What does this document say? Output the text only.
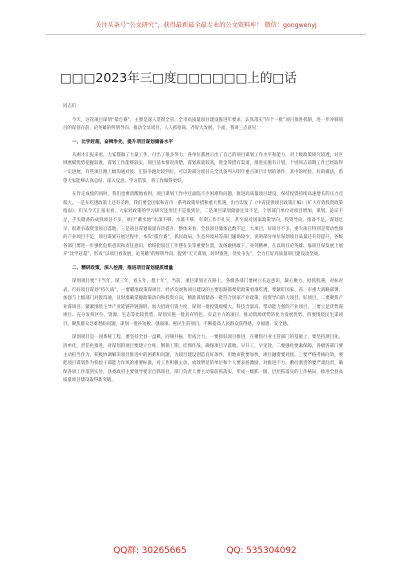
关注头条号“公文研究”，获得最新最全最专业的公文资料库！ 微信：gongwenyj
□□□2023年三□度□□□□□□上的□话

同志们：

今天，这次项目谋划“擂台赛”，主要是深入贯彻全省、全市高质量项目建设推进年要求，认真落实“四个一批”项目推进机制，进一步冲刺项目的谋划在前，论英雄的鲜明导向，推动全员项目、人人抓招商，齐促大发展。下面，我讲三点意见：

一、比学赶超，奋楫争先，提升项目谋划储备水平

从刚才汇报来看，大家都做了大量工作，付出了很多努力，各单位都展示出了自己的项目谋划工作水平和能力，对上级政策研究较透，对区域禀赋优势把握较准，谋划工作能够较实，项目基本情况清楚，谋划质量较高，资金筹措有渠道，推进实施有计划，个别同志前期工作已经取得一定进展，有些项目跑上级沟通对接、汇报争跑比较到位，可以说部分项目完全具备列入明年重点项目计划的条件，其中的经验、好的做法，希望大家能够认真总结、深入反思，学习借鉴，将工作做得更好。

在肯定成绩的同时，我们也要清醒地看到，项目谋划工作中还面临不少困难和问题，推进高质量项目建设，保持投资持续高速增长的压力还很大。一是在吃透政策上还有差距，我们要全国家和省市一系列政策举措和重大机遇，出台印发了《中省提供项目政策汇编》《扩大有效投资政策指南》，但从今天汇报来看，大家对政策的学习研究还用还不是很到位，二是项目谋划储备还显不足，个别部门单位对项目增加，谋划、论证不足，手头储备的成熟项目不多，项目“蓄水池”水深不够，水量不够，有期工作不扎实，甚至面对国家政策导向，投资导向，推备不足，谋划过早，很难争取资金项目落地，三是项目谋划质量有待提升，整体来看，全县项目储备总数不足，大项目，好项目不多，重大项目特别是带动性强的产业项目不足，项目谋划开展过程中，本次“擂台赛”，抓民政局，生态环境局等部门辅助较少，说明部分单位谋划项目质量还有待提升，各级各部门要进一步强化危机意识和责任意识，始终把项目工作摆在头等重要位置，发扬敢拼敢干、亮剑精神，在以项目论英雄、靠项目谋发展上展开“比学赶超”，形成“以项目看发展，论英雄”的鲜明导向，提到“天天谋划，时时推进，处处争先”，全力打好高质量项目建设攻坚战。

二、精研政策，深入挖潜，推进项目谋划提质增量

谋划项目要“干当年，谋三年，看五年，想十年”，当前，项目谋划正在路上，各级各部门要树立长远意识，凝心聚力，抢抓机遇，对标对表，打好项目谋划“持久战”，一要瞄准政策谋项目。经济发展和项目建设的主要思路都要把政策看准吃透，要紧盯国家、省、市重大战略部署，加强与上级部门对接沟通，及时准确掌握政策动向和投资方向，精准谋划储备一批符合国家产业政策、投资导向的大项目、好项目，二要聚焦产业谋项目，紧紧围绕主导产业延链补链强链，加大招商引资力度，谋划一批投资规模大、科技含量高、带动能力强的产业项目，三要立足优势谋项目。充分发挥区位、资源、生态等比较优势，谋划实施一批具有特色、有竞争力的项目，推动资源优势转化为发展优势，四要围绕民生谋项目。聚焦群众急难愁盼问题，谋划一批补短板、强弱项、惠民生的项目，不断提高人民群众获得感、幸福感、安全感。

谋划项目是一项系统工程，要坚持全县一盘棋，同频共振，形成合力，一要抓好项目推进，在聚焦行业主管部门的基础上，要坚持项目化、清单化、责任化推进，对谋划的项目要建立台账、倒排工期、挂图作战，确保项目早落地、早开工、早见效，二要强化要素保障，各级各部门要主动担当作为，积极协调解决项目推进中的困难和问题，为项目建设创造良好条件，用地审批要加快，项目融资要对接。三要严格考核问效。要把项目谋划作为检验干部能力作风的重要标准，对工作积极主动、成效明显的单位和个人要表扬激励，对推进不力、敷衍塞责的要严肃问责，确保各项工作落到实处，县委政府主要领导要亲自抓项目，部门负责人要主动靠前抓落实，形成一级抓一级、层层抓落实的工作格局，推进全县高质量项目建设取得新突破。

QQ群: 30265665	QQ: 535304092
